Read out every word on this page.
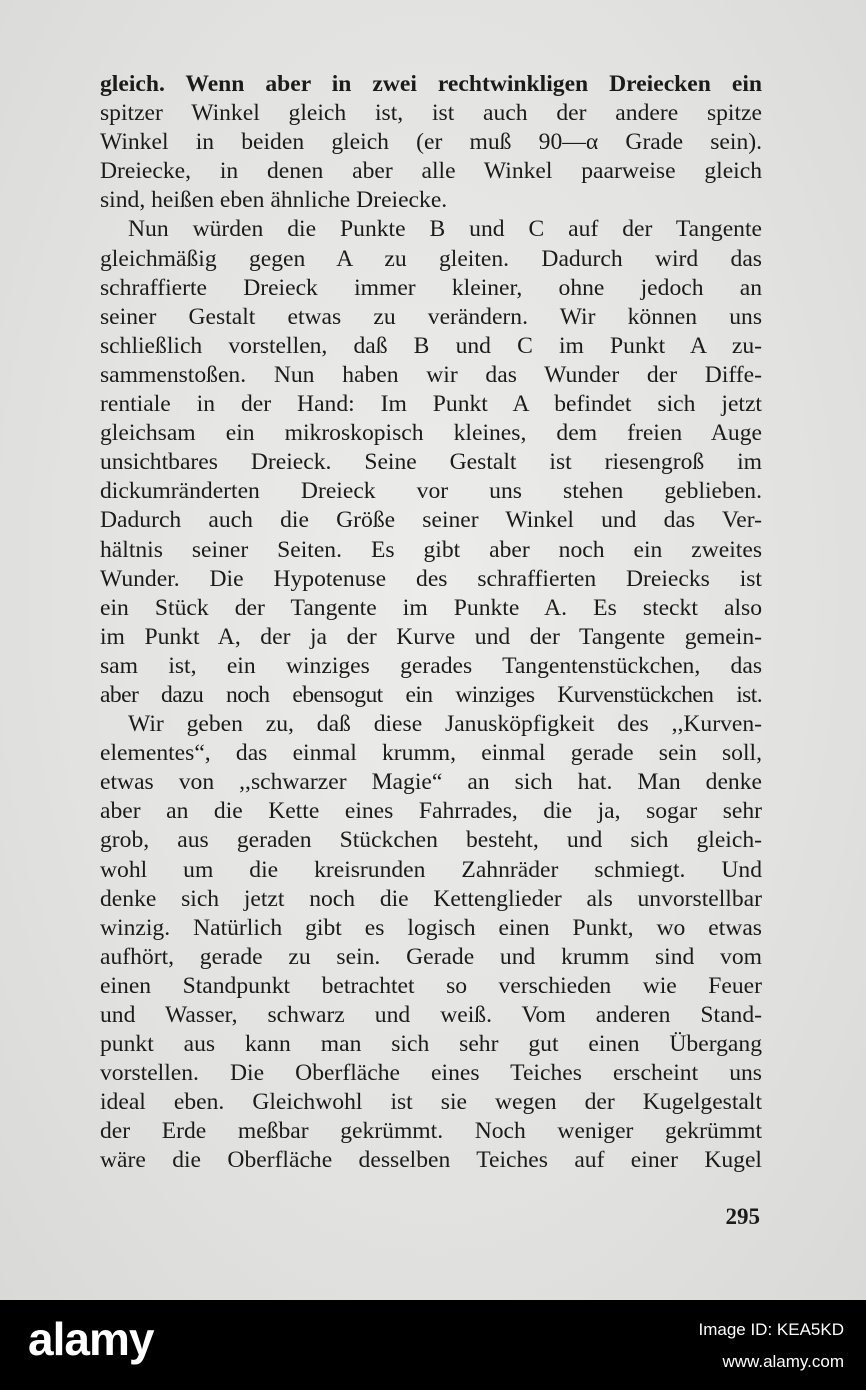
gleich. Wenn aber in zwei rechtwinkligen Dreiecken ein
spitzer Winkel gleich ist, ist auch der andere spitze
Winkel in beiden gleich (er muß 90—α Grade sein).
Dreiecke, in denen aber alle Winkel paarweise gleich
sind, heißen eben ähnliche Dreiecke.
Nun würden die Punkte B und C auf der Tangente
gleichmäßig gegen A zu gleiten. Dadurch wird das
schraffierte Dreieck immer kleiner, ohne jedoch an
seiner Gestalt etwas zu verändern. Wir können uns
schließlich vorstellen, daß B und C im Punkt A zu-
sammenstoßen. Nun haben wir das Wunder der Diffe-
rentiale in der Hand: Im Punkt A befindet sich jetzt
gleichsam ein mikroskopisch kleines, dem freien Auge
unsichtbares Dreieck. Seine Gestalt ist riesengroß im
dickumränderten Dreieck vor uns stehen geblieben.
Dadurch auch die Größe seiner Winkel und das Ver-
hältnis seiner Seiten. Es gibt aber noch ein zweites
Wunder. Die Hypotenuse des schraffierten Dreiecks ist
ein Stück der Tangente im Punkte A. Es steckt also
im Punkt A, der ja der Kurve und der Tangente gemein-
sam ist, ein winziges gerades Tangentenstückchen, das
aber dazu noch ebensogut ein winziges Kurvenstückchen ist.
Wir geben zu, daß diese Janusköpfigkeit des ,,Kurven-
elementes“, das einmal krumm, einmal gerade sein soll,
etwas von ,,schwarzer Magie“ an sich hat. Man denke
aber an die Kette eines Fahrrades, die ja, sogar sehr
grob, aus geraden Stückchen besteht, und sich gleich-
wohl um die kreisrunden Zahnräder schmiegt. Und
denke sich jetzt noch die Kettenglieder als unvorstellbar
winzig. Natürlich gibt es logisch einen Punkt, wo etwas
aufhört, gerade zu sein. Gerade und krumm sind vom
einen Standpunkt betrachtet so verschieden wie Feuer
und Wasser, schwarz und weiß. Vom anderen Stand-
punkt aus kann man sich sehr gut einen Übergang
vorstellen. Die Oberfläche eines Teiches erscheint uns
ideal eben. Gleichwohl ist sie wegen der Kugelgestalt
der Erde meßbar gekrümmt. Noch weniger gekrümmt
wäre die Oberfläche desselben Teiches auf einer Kugel
295
alamy	Image ID: KEA5KD
www.alamy.com
